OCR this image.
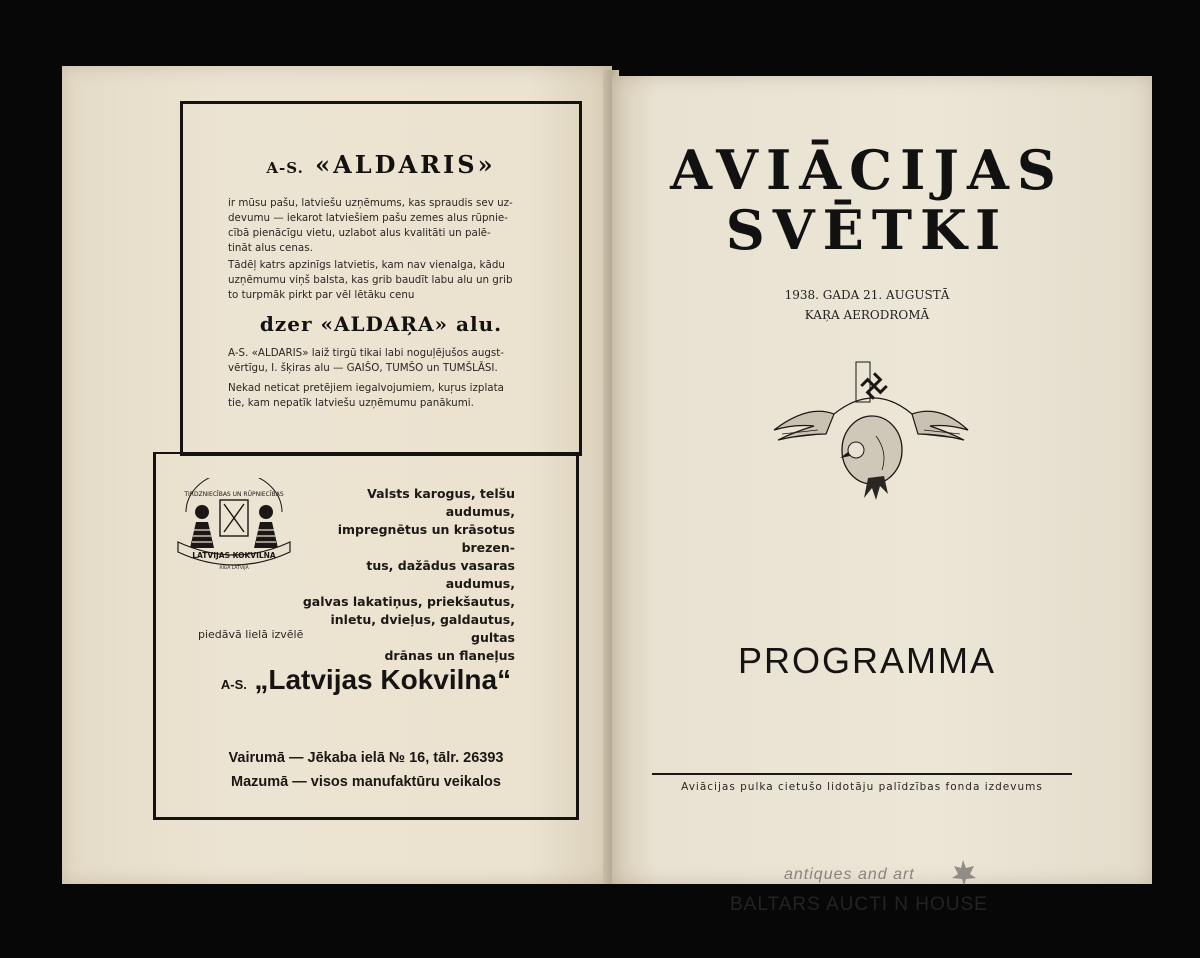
A-S. «ALDARIS»
ir mūsu pašu, latviešu uzņēmums, kas spraudis sev uz-
devumu — iekarot latviešiem pašu zemes alus rūpnie-
cībā pienācīgu vietu, uzlabot alus kvalitāti un palē-
tināt alus cenas.
Tādēļ katrs apzinīgs latvietis, kam nav vienalga, kādu
uzņēmumu viņš balsta, kas grib baudīt labu alu un grib
to turpmāk pirkt par vēl lētāku cenu
dzer «ALDAŖA» alu.
A-S. «ALDARIS» laiž tirgū tikai labi noguļējušos augst-
vērtīgu, I. šķiras alu — GAIŠO, TUMŠO un TUMŠLĀSI.
Nekad neticat pretējiem iegalvojumiem, kuŗus izplata
tie, kam nepatīk latviešu uzņēmumu panākumi.
TIRDZNIECĪBAS UN RŪPNIECĪBAS
LATVIJAS KOKVILNA
RĪGĀ LATVIJĀ
Valsts karogus, telšu audumus,
impregnētus un krāsotus brezen-
tus, dažādus vasaras audumus,
galvas lakatiņus, priekšautus,
inletu, dvieļus, galdautus, gultas
drānas un flaneļus
piedāvā lielā izvēlē
A-S. „Latvijas Kokvilna“
Vairumā — Jēkaba ielā № 16, tālr. 26393
Mazumā — visos manufaktūru veikalos
AVIĀCIJAS
SVĒTKI
1938. GADA 21. AUGUSTĀ
KAŖA AERODROMĀ
PROGRAMMA
Aviācijas pulka cietušo lidotāju palīdzības fonda izdevums
antiques and art
BALTARS AUCTI N HOUSE
